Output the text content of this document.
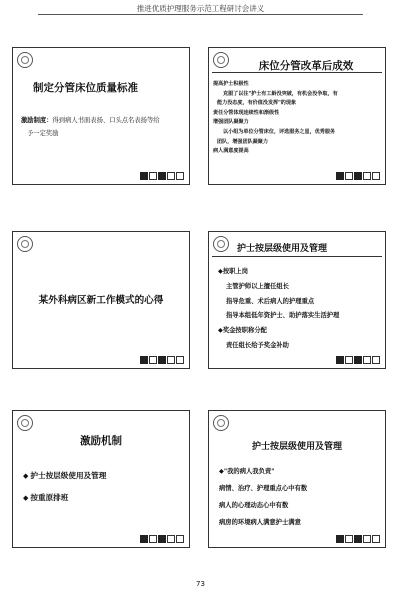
推进优质护理服务示范工程研讨会讲义
制定分管床位质量标准
激励制度：得到病人书面表扬、口头点名表扬等给
予一定奖励
床位分管改革后成效
提高护士积极性
克服了以往"护士有工龄没突破，有机会没争取，有
能力没态度，有价值没发挥"的现象
责任分管体现连续性和渐级性
增强团队凝聚力
以小组为单位分管床位，评选服务之星，优秀服务
团队，增强团队凝聚力
病人满意度提高
某外科病区新工作模式的心得
护士按层级使用及管理
◆按职上岗
主管护师以上擅任组长
指导危重、术后病人的护理重点
指导本组低年资护士、助护落实生活护理
◆奖金按职称分配
责任组长给予奖金补助
激励机制
◆ 护士按层级使用及管理
◆ 按重原排班
护士按层级使用及管理
◆"我的病人我负责"
病情、治疗、护理重点心中有数
病人的心理动态心中有数
病房的环境病人满意护士满意
73
